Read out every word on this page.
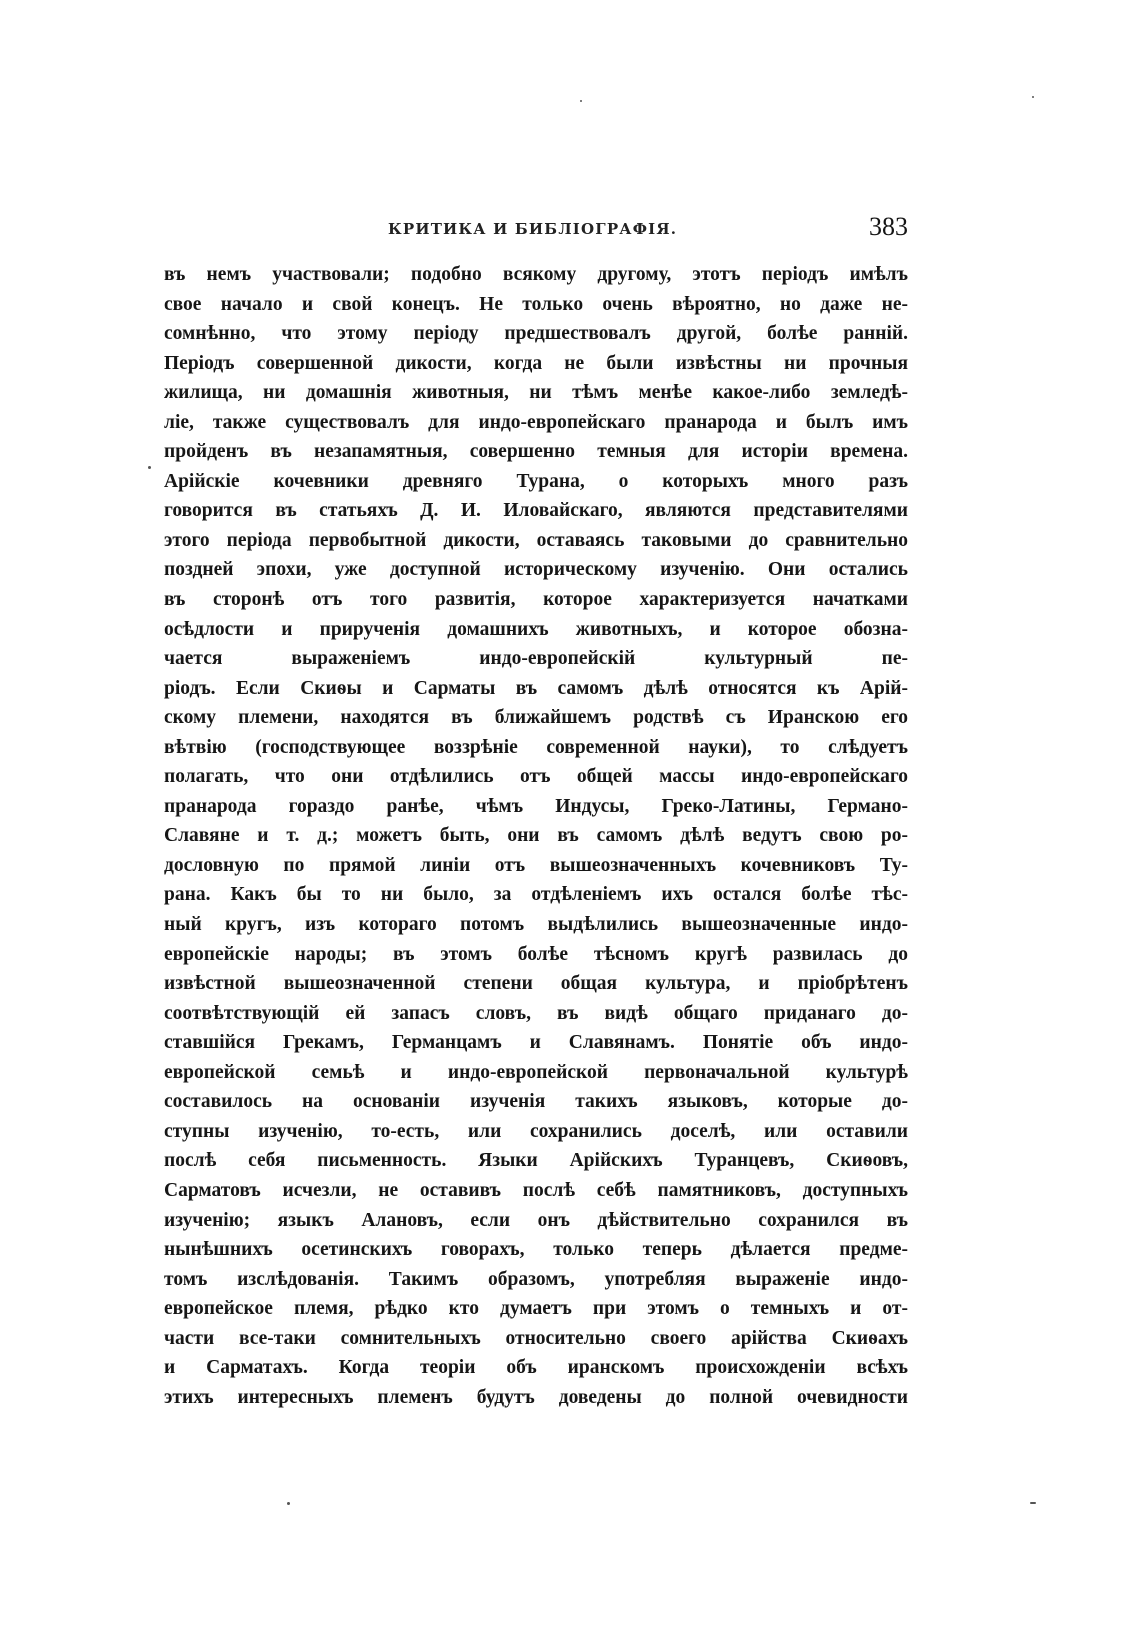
КРИТИКА И БИБЛІОГРАФІЯ.	383
въ немъ участвовали; подобно всякому другому, этотъ періодъ имѣлъ
свое начало и свой конецъ. Не только очень вѣроятно, но даже не-
сомнѣнно, что этому періоду предшествовалъ другой, болѣе ранній.
Періодъ совершенной дикости, когда не были извѣстны ни прочныя
жилища, ни домашнія животныя, ни тѣмъ менѣе какое-либо земледѣ-
ліе, также существовалъ для индо-европейскаго пранарода и былъ имъ
пройденъ въ незапамятныя, совершенно темныя для исторіи времена.
Арійскіе кочевники древняго Турана, о которыхъ много разъ
говорится въ статьяхъ Д. И. Иловайскаго, являются представителями
этого періода первобытной дикости, оставаясь таковыми до сравнительно
поздней эпохи, уже доступной историческому изученію. Они остались
въ сторонѣ отъ того развитія, которое характеризуется начатками
осѣдлости и прирученія домашнихъ животныхъ, и которое обозна-
чается выраженіемъ индо-европейскій культурный пе-
ріодъ. Если Скиѳы и Сарматы въ самомъ дѣлѣ относятся къ Арій-
скому племени, находятся въ ближайшемъ родствѣ съ Иранскою его
вѣтвію (господствующее воззрѣніе современной науки), то слѣдуетъ
полагать, что они отдѣлились отъ общей массы индо-европейскаго
пранарода гораздо ранѣе, чѣмъ Индусы, Греко-Латины, Германо-
Славяне и т. д.; можетъ быть, они въ самомъ дѣлѣ ведутъ свою ро-
дословную по прямой линіи отъ вышеозначенныхъ кочевниковъ Ту-
рана. Какъ бы то ни было, за отдѣленіемъ ихъ остался болѣе тѣс-
ный кругъ, изъ котораго потомъ выдѣлились вышеозначенные индо-
европейскіе народы; въ этомъ болѣе тѣсномъ кругѣ развилась до
извѣстной вышеозначенной степени общая культура, и пріобрѣтенъ
соотвѣтствующій ей запасъ словъ, въ видѣ общаго приданаго до-
ставшійся Грекамъ, Германцамъ и Славянамъ. Понятіе объ индо-
европейской семьѣ и индо-европейской первоначальной культурѣ
составилось на основаніи изученія такихъ языковъ, которые до-
ступны изученію, то-есть, или сохранились доселѣ, или оставили
послѣ себя письменность. Языки Арійскихъ Туранцевъ, Скиѳовъ,
Сарматовъ исчезли, не оставивъ послѣ себѣ памятниковъ, доступныхъ
изученію; языкъ Алановъ, если онъ дѣйствительно сохранился въ
нынѣшнихъ осетинскихъ говорахъ, только теперь дѣлается предме-
томъ изслѣдованія. Такимъ образомъ, употребляя выраженіе индо-
европейское племя, рѣдко кто думаетъ при этомъ о темныхъ и от-
части все-таки сомнительныхъ относительно своего арійства Скиѳахъ
и Сарматахъ. Когда теоріи объ иранскомъ происхожденіи всѣхъ
этихъ интересныхъ племенъ будутъ доведены до полной очевидности
